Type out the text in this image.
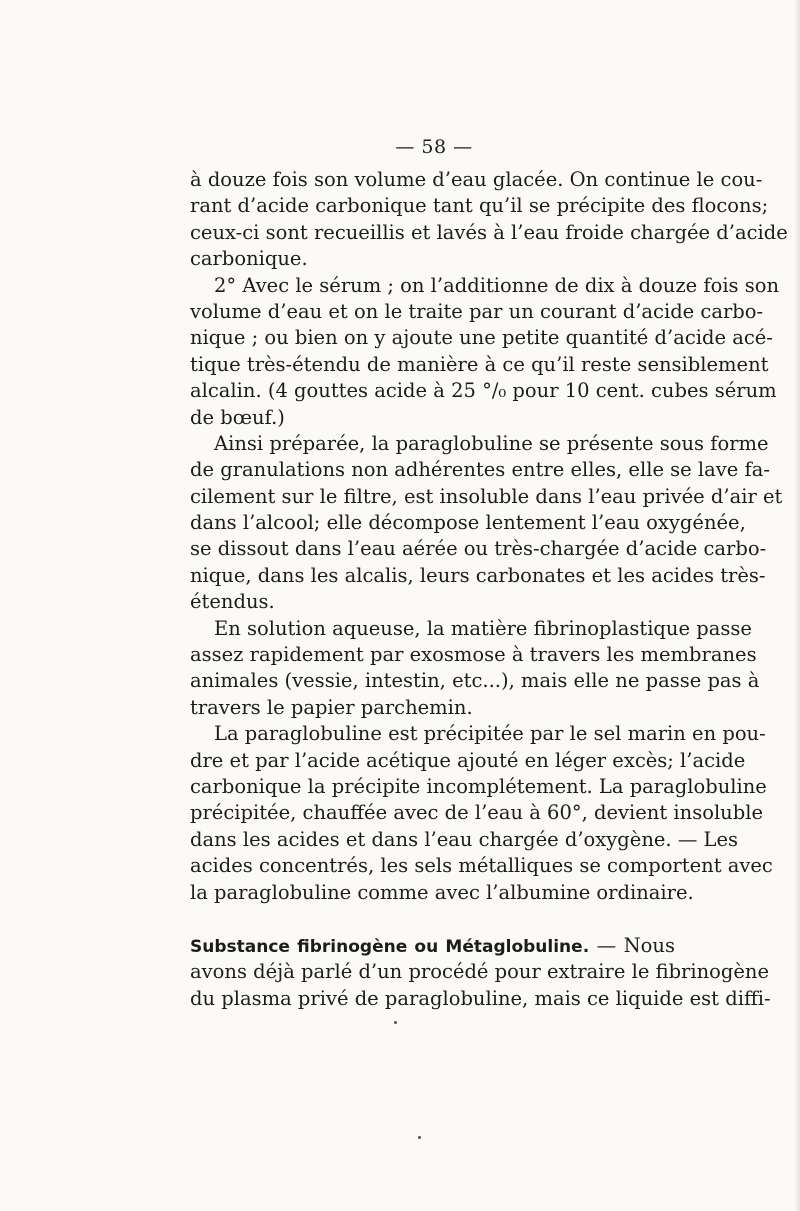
— 58 —
à douze fois son volume d’eau glacée. On continue le cou-
rant d’acide carbonique tant qu’il se précipite des flocons;
ceux-ci sont recueillis et lavés à l’eau froide chargée d’acide
carbonique.
2° Avec le sérum ; on l’additionne de dix à douze fois son
volume d’eau et on le traite par un courant d’acide carbo-
nique ; ou bien on y ajoute une petite quantité d’acide acé-
tique très-étendu de manière à ce qu’il reste sensiblement
alcalin. (4 gouttes acide à 25 °/₀ pour 10 cent. cubes sérum
de bœuf.)
Ainsi préparée, la paraglobuline se présente sous forme
de granulations non adhérentes entre elles, elle se lave fa-
cilement sur le filtre, est insoluble dans l’eau privée d’air et
dans l’alcool; elle décompose lentement l’eau oxygénée,
se dissout dans l’eau aérée ou très-chargée d’acide carbo-
nique, dans les alcalis, leurs carbonates et les acides très-
étendus.
En solution aqueuse, la matière fibrinoplastique passe
assez rapidement par exosmose à travers les membranes
animales (vessie, intestin, etc...), mais elle ne passe pas à
travers le papier parchemin.
La paraglobuline est précipitée par le sel marin en pou-
dre et par l’acide acétique ajouté en léger excès; l’acide
carbonique la précipite incomplétement. La paraglobuline
précipitée, chauffée avec de l’eau à 60°, devient insoluble
dans les acides et dans l’eau chargée d’oxygène. — Les
acides concentrés, les sels métalliques se comportent avec
la paraglobuline comme avec l’albumine ordinaire.
Substance fibrinogène ou Métaglobuline. — Nous
avons déjà parlé d’un procédé pour extraire le fibrinogène
du plasma privé de paraglobuline, mais ce liquide est diffi-
